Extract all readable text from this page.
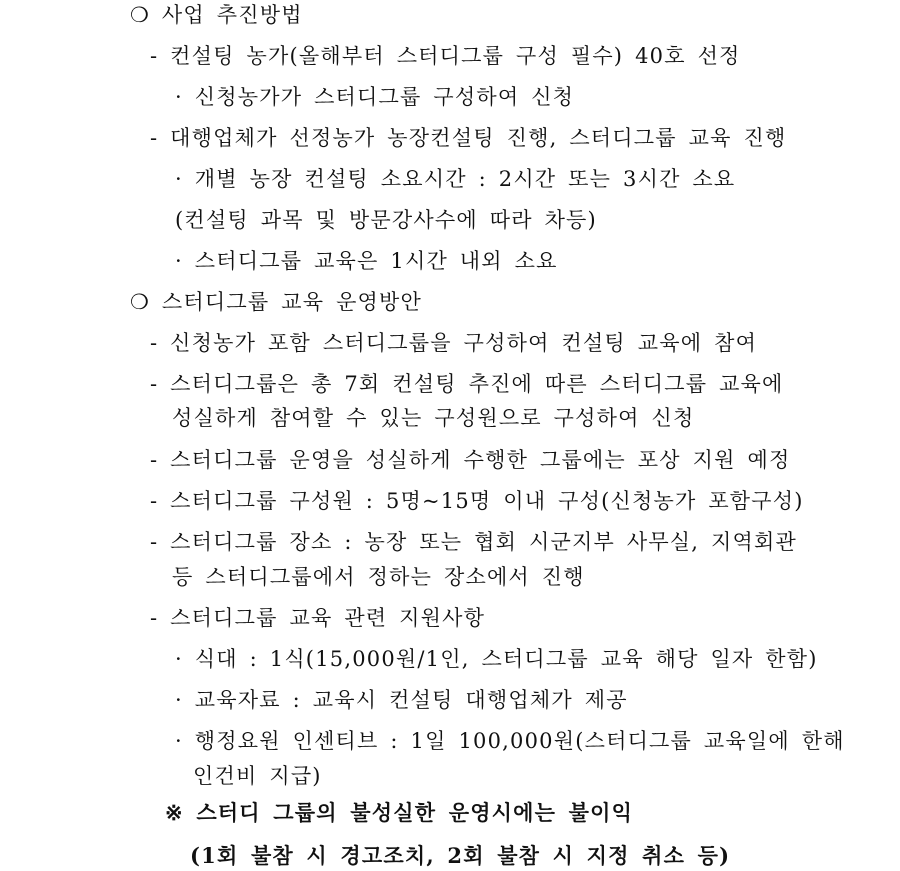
❍ 사업 추진방법
- 컨설팅 농가(올해부터 스터디그룹 구성 필수) 40호 선정
· 신청농가가 스터디그룹 구성하여 신청
- 대행업체가 선정농가 농장컨설팅 진행, 스터디그룹 교육 진행
· 개별 농장 컨설팅 소요시간 : 2시간 또는 3시간 소요
(컨설팅 과목 및 방문강사수에 따라 차등)
· 스터디그룹 교육은 1시간 내외 소요
❍ 스터디그룹 교육 운영방안
- 신청농가 포함 스터디그룹을 구성하여 컨설팅 교육에 참여
- 스터디그룹은 총 7회 컨설팅 추진에 따른 스터디그룹 교육에
성실하게 참여할 수 있는 구성원으로 구성하여 신청
- 스터디그룹 운영을 성실하게 수행한 그룹에는 포상 지원 예정
- 스터디그룹 구성원 : 5명~15명 이내 구성(신청농가 포함구성)
- 스터디그룹 장소 : 농장 또는 협회 시군지부 사무실, 지역회관
등 스터디그룹에서 정하는 장소에서 진행
- 스터디그룹 교육 관련 지원사항
· 식대 : 1식(15,000원/1인, 스터디그룹 교육 해당 일자 한함)
· 교육자료 : 교육시 컨설팅 대행업체가 제공
· 행정요원 인센티브 : 1일 100,000원(스터디그룹 교육일에 한해
인건비 지급)
※ 스터디 그룹의 불성실한 운영시에는 불이익
(1회 불참 시 경고조치, 2회 불참 시 지정 취소 등)
